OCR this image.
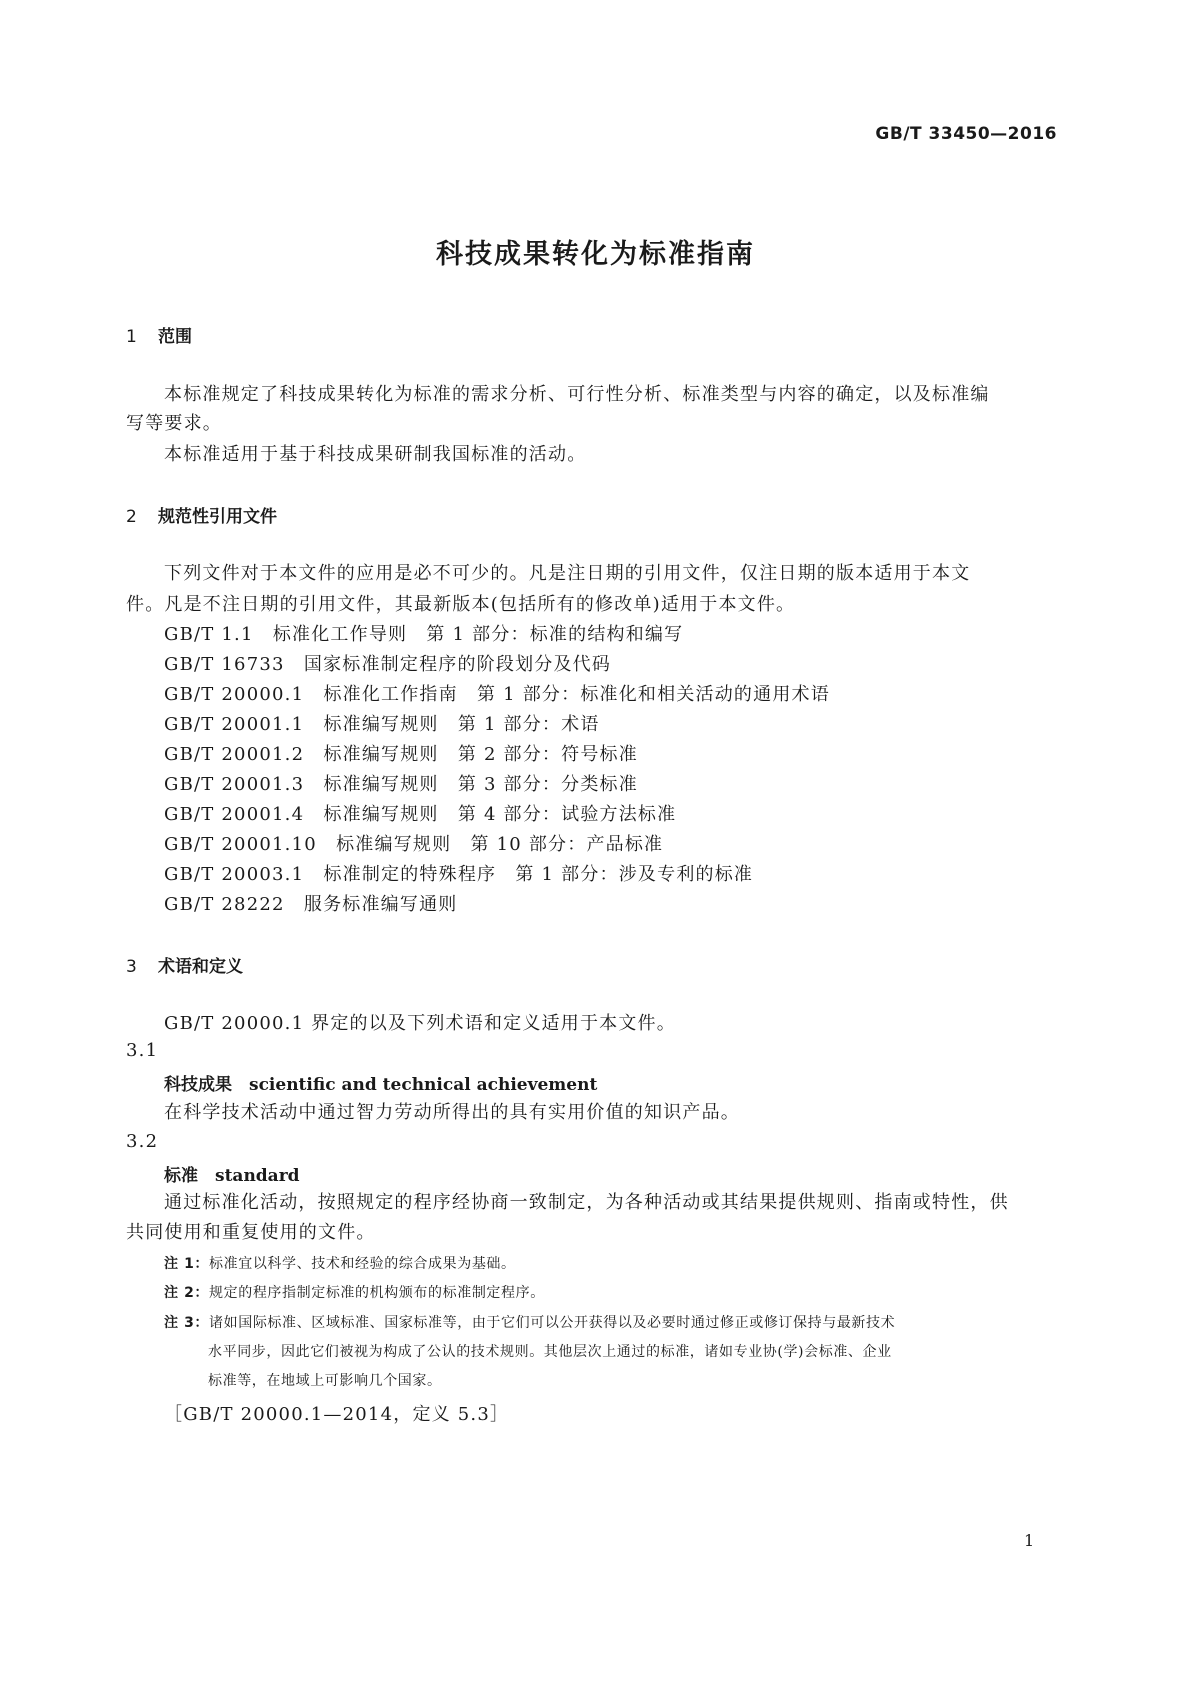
GB/T 33450—2016
科技成果转化为标准指南
1 范围
本标准规定了科技成果转化为标准的需求分析、可行性分析、标准类型与内容的确定，以及标准编
写等要求。
本标准适用于基于科技成果研制我国标准的活动。
2 规范性引用文件
下列文件对于本文件的应用是必不可少的。凡是注日期的引用文件，仅注日期的版本适用于本文
件。凡是不注日期的引用文件，其最新版本(包括所有的修改单)适用于本文件。
GB/T 1.1　 标准化工作导则　第 1 部分：标准的结构和编写
GB/T 16733　 国家标准制定程序的阶段划分及代码
GB/T 20000.1　 标准化工作指南　第 1 部分：标准化和相关活动的通用术语
GB/T 20001.1　 标准编写规则　第 1 部分：术语
GB/T 20001.2　 标准编写规则　第 2 部分：符号标准
GB/T 20001.3　 标准编写规则　第 3 部分：分类标准
GB/T 20001.4　 标准编写规则　第 4 部分：试验方法标准
GB/T 20001.10　 标准编写规则　第 10 部分：产品标准
GB/T 20003.1　 标准制定的特殊程序　第 1 部分：涉及专利的标准
GB/T 28222　 服务标准编写通则
3 术语和定义
GB/T 20000.1 界定的以及下列术语和定义适用于本文件。
3.1
科技成果　 scientific and technical achievement
在科学技术活动中通过智力劳动所得出的具有实用价值的知识产品。
3.2
标准　 standard
通过标准化活动，按照规定的程序经协商一致制定，为各种活动或其结果提供规则、指南或特性，供
共同使用和重复使用的文件。
注 1：标准宜以科学、技术和经验的综合成果为基础。
注 2：规定的程序指制定标准的机构颁布的标准制定程序。
注 3：诸如国际标准、区域标准、国家标准等，由于它们可以公开获得以及必要时通过修正或修订保持与最新技术
水平同步，因此它们被视为构成了公认的技术规则。其他层次上通过的标准，诸如专业协(学)会标准、企业
标准等，在地域上可影响几个国家。
［GB/T 20000.1—2014，定义 5.3］
1
